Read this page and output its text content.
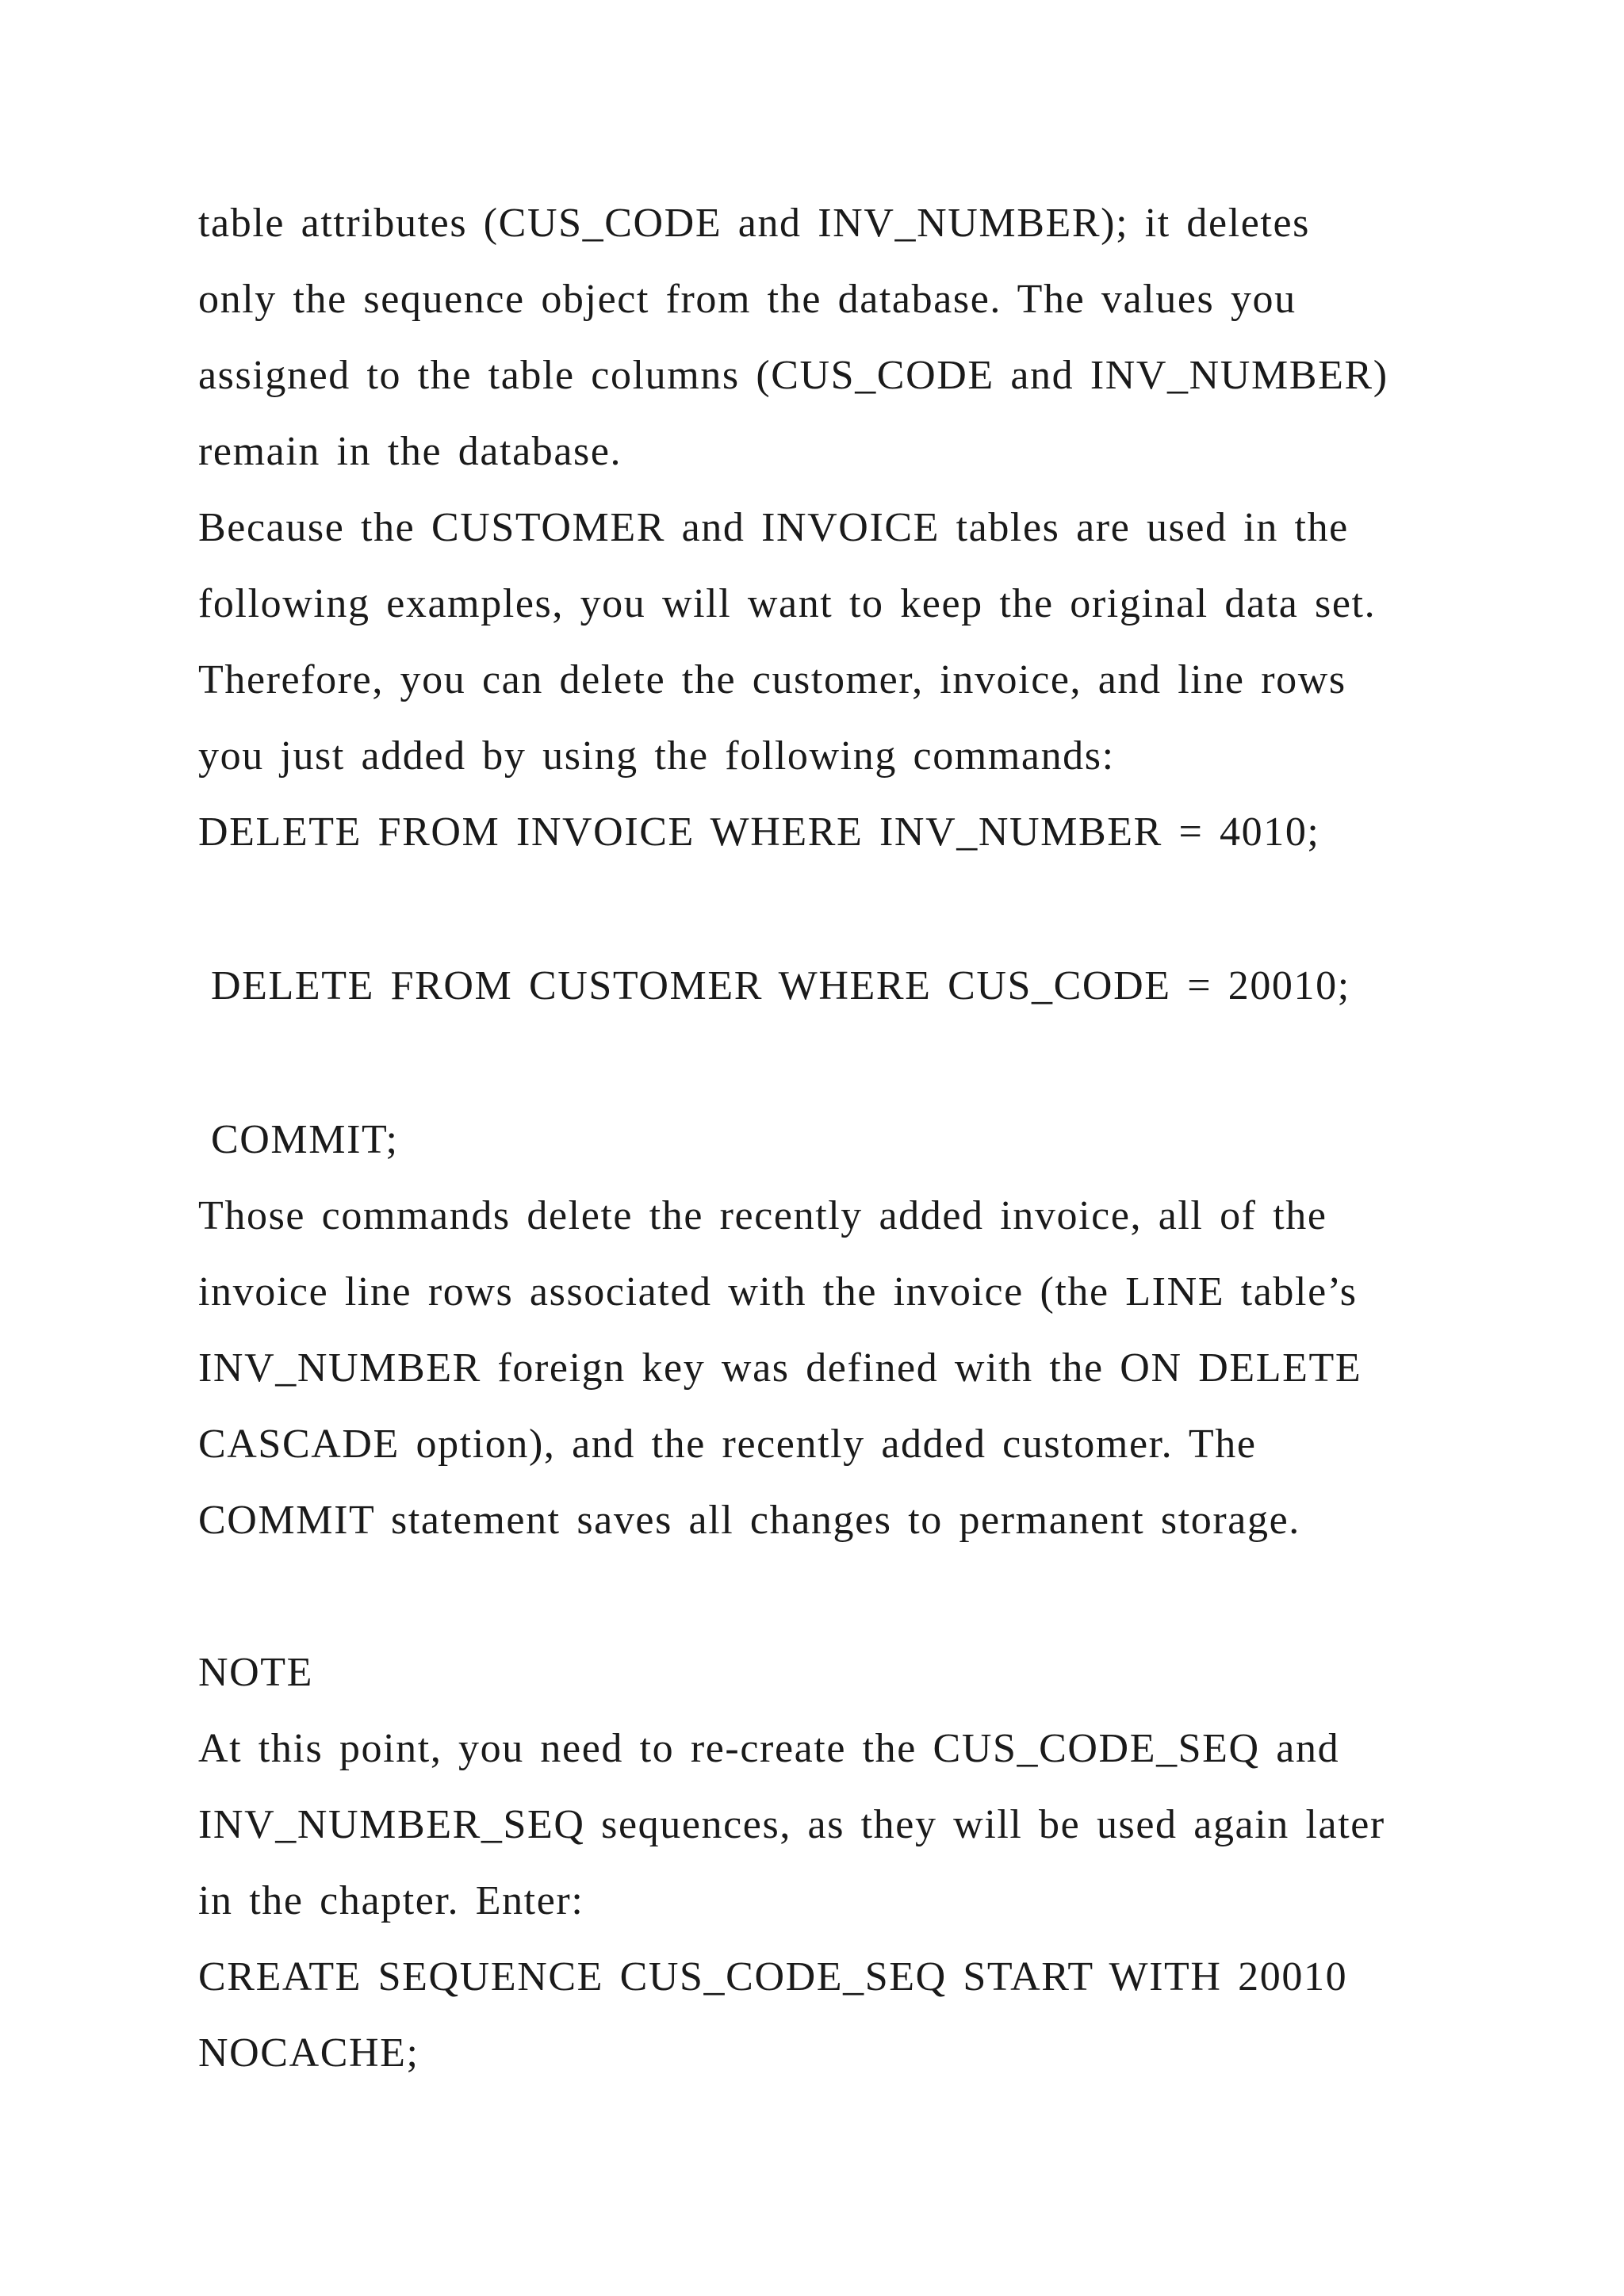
table attributes (CUS_CODE and INV_NUMBER); it deletes
only the sequence object from the database. The values you
assigned to the table columns (CUS_CODE and INV_NUMBER)
remain in the database.
Because the CUSTOMER and INVOICE tables are used in the
following examples, you will want to keep the original data set.
Therefore, you can delete the customer, invoice, and line rows
you just added by using the following commands:
DELETE FROM INVOICE WHERE INV_NUMBER = 4010;
DELETE FROM CUSTOMER WHERE CUS_CODE = 20010;
COMMIT;
Those commands delete the recently added invoice, all of the
invoice line rows associated with the invoice (the LINE table’s
INV_NUMBER foreign key was defined with the ON DELETE
CASCADE option), and the recently added customer. The
COMMIT statement saves all changes to permanent storage.
NOTE
At this point, you need to re-create the CUS_CODE_SEQ and
INV_NUMBER_SEQ sequences, as they will be used again later
in the chapter. Enter:
CREATE SEQUENCE CUS_CODE_SEQ START WITH 20010
NOCACHE;
